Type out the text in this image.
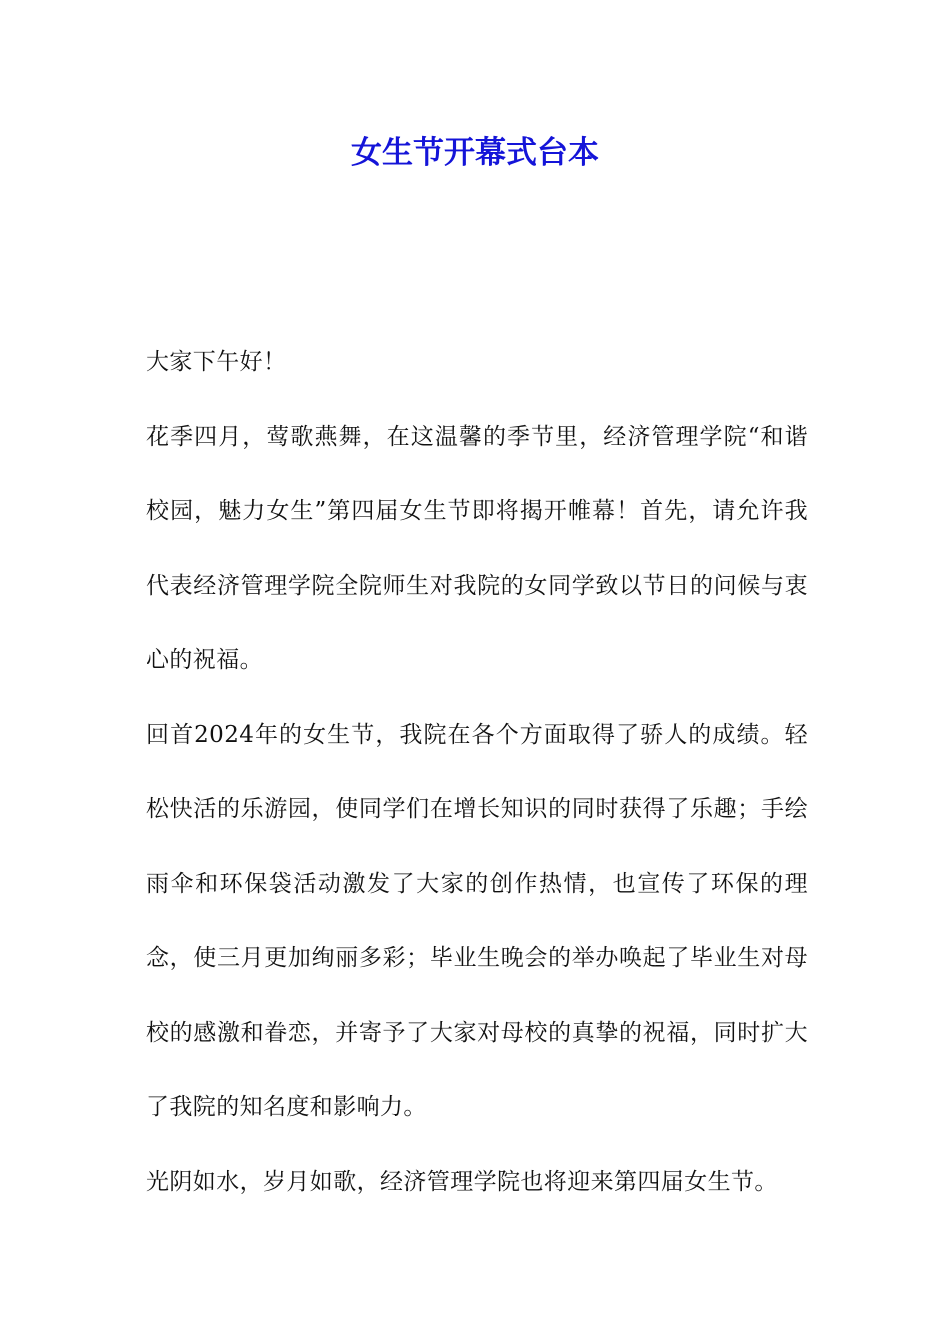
女生节开幕式台本

大家下午好！

花季四月，莺歌燕舞，在这温馨的季节里，经济管理学院“和谐校园，魅力女生”第四届女生节即将揭开帷幕！首先，请允许我代表经济管理学院全院师生对我院的女同学致以节日的问候与衷心的祝福。

回首2024年的女生节，我院在各个方面取得了骄人的成绩。轻松快活的乐游园，使同学们在增长知识的同时获得了乐趣；手绘雨伞和环保袋活动激发了大家的创作热情，也宣传了环保的理念，使三月更加绚丽多彩；毕业生晚会的举办唤起了毕业生对母校的感激和眷恋，并寄予了大家对母校的真挚的祝福，同时扩大了我院的知名度和影响力。

光阴如水，岁月如歌，经济管理学院也将迎来第四届女生节。
